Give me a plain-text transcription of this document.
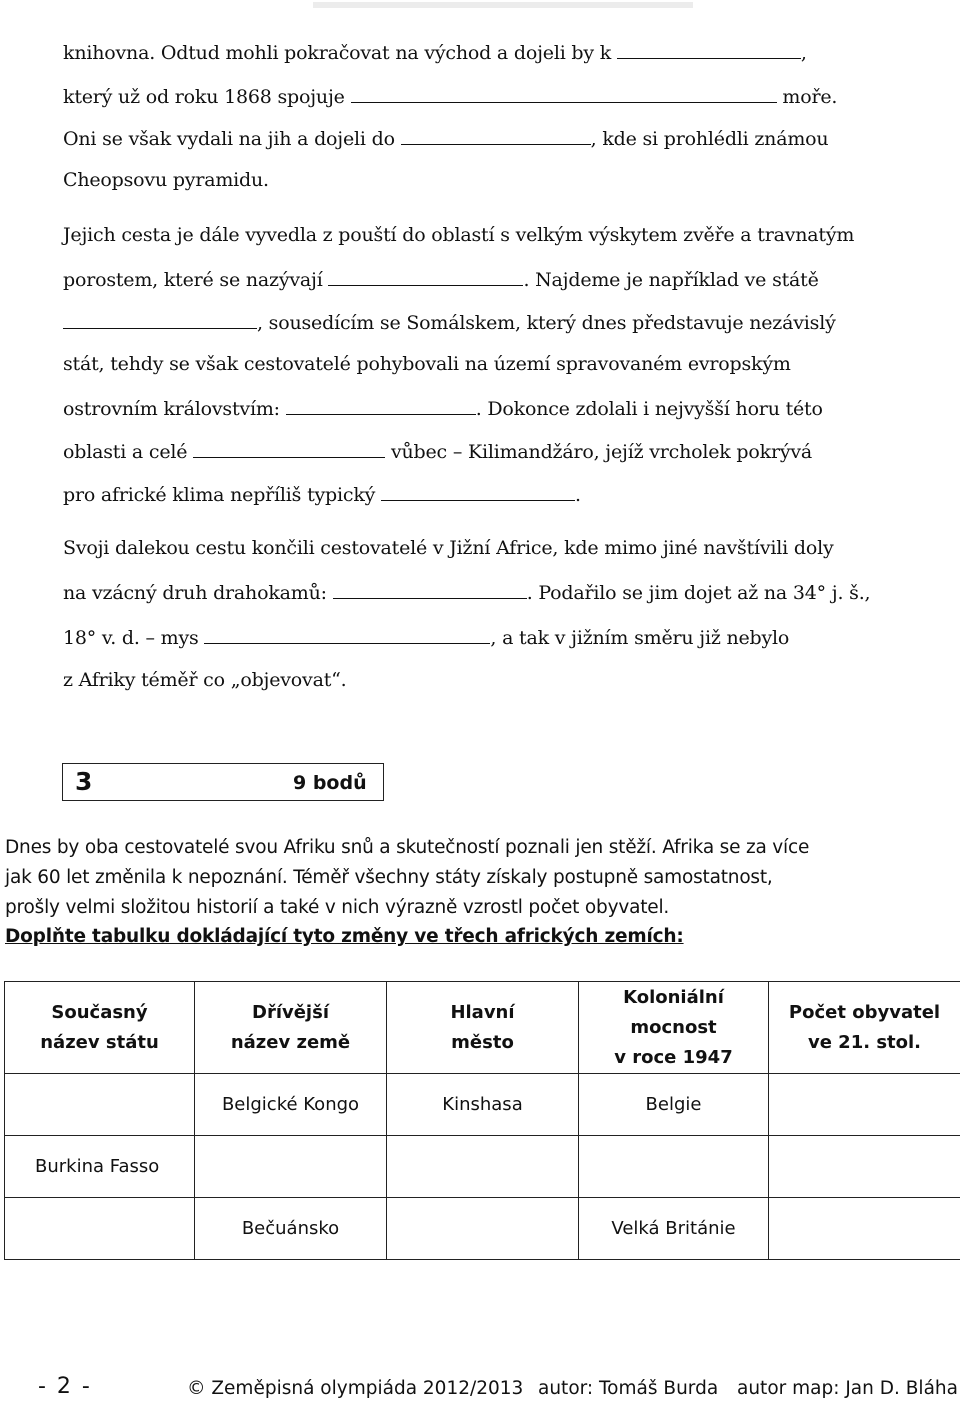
knihovna. Odtud mohli pokračovat na východ a dojeli by k	,
který už od roku 1868 spojuje	moře.
Oni se však vydali na jih a dojeli do	, kde si prohlédli známou
Cheopsovu pyramidu.
Jejich cesta je dále vyvedla z pouští do oblastí s velkým výskytem zvěře a travnatým
porostem, které se nazývají	. Najdeme je například ve státě
, sousedícím se Somálskem, který dnes představuje nezávislý
stát, tehdy se však cestovatelé pohybovali na území spravovaném evropským
ostrovním královstvím:	. Dokonce zdolali i nejvyšší horu této
oblasti a celé	vůbec – Kilimandžáro, jejíž vrcholek pokrývá
pro africké klima nepříliš typický	.
Svoji dalekou cestu končili cestovatelé v Jižní Africe, kde mimo jiné navštívili doly
na vzácný druh drahokamů:	. Podařilo se jim dojet až na 34° j. š.,
18° v. d. – mys	, a tak v jižním směru již nebylo
z Afriky téměř co „objevovat“.
3	9 bodů
Dnes by oba cestovatelé svou Afriku snů a skutečností poznali jen stěží. Afrika se za více
jak 60 let změnila k nepoznání. Téměř všechny státy získaly postupně samostatnost,
prošly velmi složitou historií a také v nich výrazně vzrostl počet obyvatel.
Doplňte tabulku dokládající tyto změny ve třech afrických zemích:
Současný
název státu	Dřívější
název země	Hlavní
město	Koloniální
mocnost
v roce 1947	Počet obyvatel
ve 21. stol.
	Belgické Kongo	Kinshasa	Belgie	
Burkina Fasso				
	Bečuánsko		Velká Británie	
- 2 -	© Zeměpisná olympiáda 2012/2013 autor: Tomáš Burda autor map: Jan D. Bláha
